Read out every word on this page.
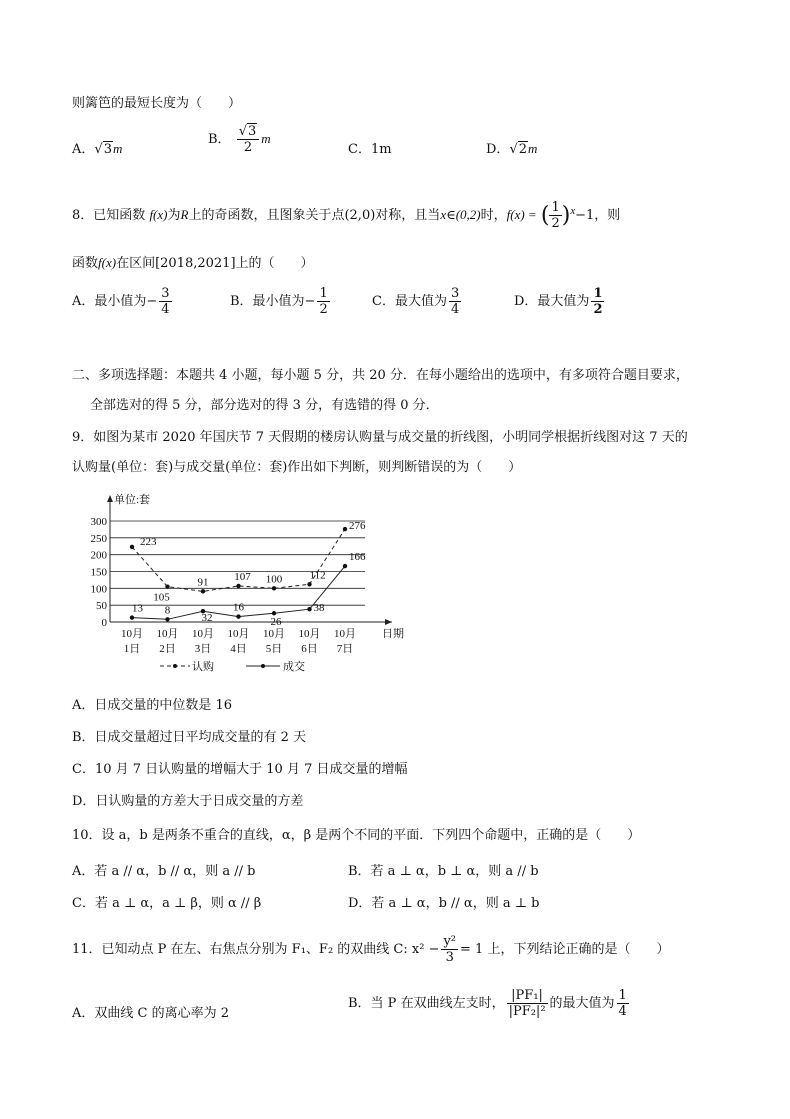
则篱笆的最短长度为（　　）
A．√3m
B． $\frac{√3}{2}$ m
C．1m	D．√2m
8．已知函数 f(x)为R上的奇函数，且图象关于点(2,0)对称，且当x∈(0,2)时，f(x) = ( $\frac{1}{2} )^x-1$，则
函数f(x)在区间[2018,2021]上的（　　）
A．最小值为− $\frac{3}{4}$	B．最小值为− $\frac{1}{2}$	C．最大值为 $\frac{3}{4}$	D．最大值为 $\frac{1}{2}$
二、多项选择题：本题共 4 小题，每小题 5 分，共 20 分．在每小题给出的选项中，有多项符合题目要求，
全部选对的得 5 分，部分选对的得 3 分，有选错的得 0 分．
9．如图为某市 2020 年国庆节 7 天假期的楼房认购量与成交量的折线图，小明同学根据折线图对这 7 天的
认购量(单位：套)与成交量(单位：套)作出如下判断，则判断错误的为（　　）
300
250
200
150
100
50
0
单位:套
日期
10月
1日
10月
2日
10月
3日
10月
4日
10月
5日
10月
6日
10月
7日
223
105
91 107 100 112
276
13 8
32
16
26
38
166
认购	成交
A．日成交量的中位数是 16
B．日成交量超过日平均成交量的有 2 天
C．10 月 7 日认购量的增幅大于 10 月 7 日成交量的增幅
D．日认购量的方差大于日成交量的方差
10．设 a，b 是两条不重合的直线，α，β 是两个不同的平面．下列四个命题中，正确的是（　　）
A．若 a // α，b // α，则 a // b	B．若 a ⊥ α，b ⊥ α，则 a // b
C．若 a ⊥ α，a ⊥ β，则 α // β	D．若 a ⊥ α，b // α，则 a ⊥ b
11．已知动点 P 在左、右焦点分别为 F₁、F₂ 的双曲线 C: $x^2 - \frac{\text{y²}}{3} = 1$ 上，下列结论正确的是（　　）
A．双曲线 C 的离心率为 2
B．当 P 在双曲线左支时， $\frac{\text{|PF₁|}}{\text{|PF₂|²}}$ 的最大值为 $\frac{1}{4}$
